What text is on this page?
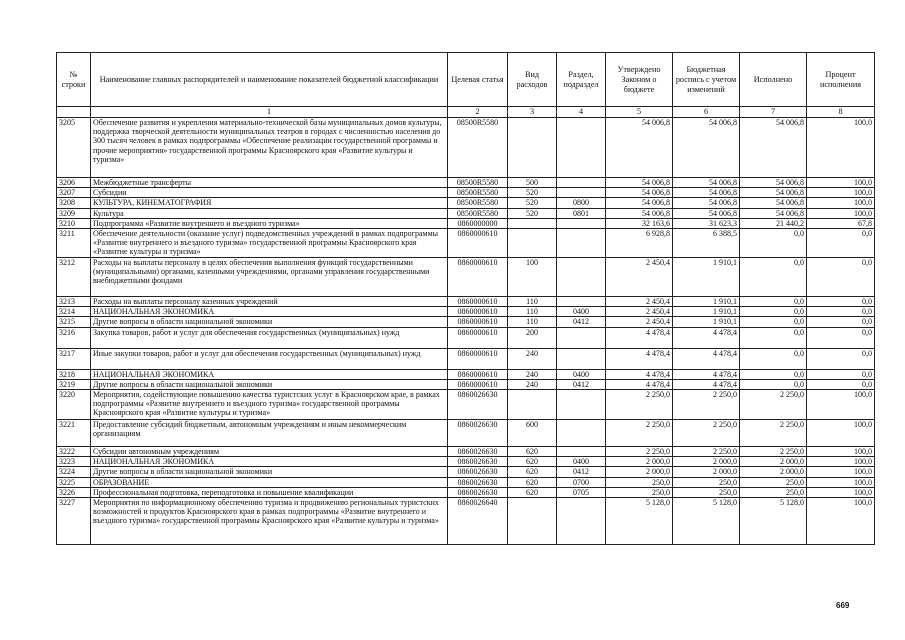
№ строки	Наименование главных распорядителей и наименование показателей бюджетной классификации	Целевая статья	Вид расходов	Раздел, подраздел	Утверждено Законом о бюджете	Бюджетная роспись с учетом изменений	Исполнено	Процент исполнения
	1	2	3	4	5	6	7	8
3205	Обеспечение развития и укрепления материально-технической базы муниципальных домов культуры, поддержка творческой деятельности муниципальных театров в городах с численностью населения до 300 тысяч человек в рамках подпрограммы «Обеспечение реализации государственной программы и прочие мероприятия» государственной программы Красноярского края «Развитие культуры и туризма»	08500R5580			54 006,8	54 006,8	54 006,8	100,0
3206	Межбюджетные трансферты	08500R5580	500		54 006,8	54 006,8	54 006,8	100,0
3207	Субсидии	08500R5580	520		54 006,8	54 006,8	54 006,8	100,0
3208	КУЛЬТУРА, КИНЕМАТОГРАФИЯ	08500R5580	520	0800	54 006,8	54 006,8	54 006,8	100,0
3209	Культура	08500R5580	520	0801	54 006,8	54 006,8	54 006,8	100,0
3210	Подпрограмма «Развитие внутреннего и въездного туризма»	0860000000			32 163,6	31 623,3	21 440,2	67,8
3211	Обеспечение деятельности (оказание услуг) подведомственных учреждений в рамках подпрограммы «Развитие внутреннего и въездного туризма» государственной программы Красноярского края «Развитие культуры и туризма»	0860000610			6 928,8	6 388,5	0,0	0,0
3212	Расходы на выплаты персоналу в целях обеспечения выполнения функций государственными (муниципальными) органами, казенными учреждениями, органами управления государственными внебюджетными фондами	0860000610	100		2 450,4	1 910,1	0,0	0,0
3213	Расходы на выплаты персоналу казенных учреждений	0860000610	110		2 450,4	1 910,1	0,0	0,0
3214	НАЦИОНАЛЬНАЯ ЭКОНОМИКА	0860000610	110	0400	2 450,4	1 910,1	0,0	0,0
3215	Другие вопросы в области национальной экономики	0860000610	110	0412	2 450,4	1 910,1	0,0	0,0
3216	Закупка товаров, работ и услуг для обеспечения государственных (муниципальных) нужд	0860000610	200		4 478,4	4 478,4	0,0	0,0
3217	Иные закупки товаров, работ и услуг для обеспечения государственных (муниципальных) нужд	0860000610	240		4 478,4	4 478,4	0,0	0,0
3218	НАЦИОНАЛЬНАЯ ЭКОНОМИКА	0860000610	240	0400	4 478,4	4 478,4	0,0	0,0
3219	Другие вопросы в области национальной экономики	0860000610	240	0412	4 478,4	4 478,4	0,0	0,0
3220	Мероприятия, содействующие повышению качества туристских услуг в Красноярском крае, в рамках подпрограммы «Развитие внутреннего и въездного туризма» государственной программы Красноярского края «Развитие культуры и туризма»	0860026630			2 250,0	2 250,0	2 250,0	100,0
3221	Предоставление субсидий бюджетным, автономным учреждениям и иным некоммерческим организациям	0860026630	600		2 250,0	2 250,0	2 250,0	100,0
3222	Субсидии автономным учреждениям	0860026630	620		2 250,0	2 250,0	2 250,0	100,0
3223	НАЦИОНАЛЬНАЯ ЭКОНОМИКА	0860026630	620	0400	2 000,0	2 000,0	2 000,0	100,0
3224	Другие вопросы в области национальной экономики	0860026630	620	0412	2 000,0	2 000,0	2 000,0	100,0
3225	ОБРАЗОВАНИЕ	0860026630	620	0700	250,0	250,0	250,0	100,0
3226	Профессиональная подготовка, переподготовка и повышение квалификации	0860026630	620	0705	250,0	250,0	250,0	100,0
3227	Мероприятия по информационному обеспечению туризма и продвижению региональных туристских возможностей и продуктов Красноярского края в рамках подпрограммы «Развитие внутреннего и въездного туризма» государственной программы Красноярского края «Развитие культуры и туризма»	0860026640			5 128,0	5 128,0	5 128,0	100,0
669
